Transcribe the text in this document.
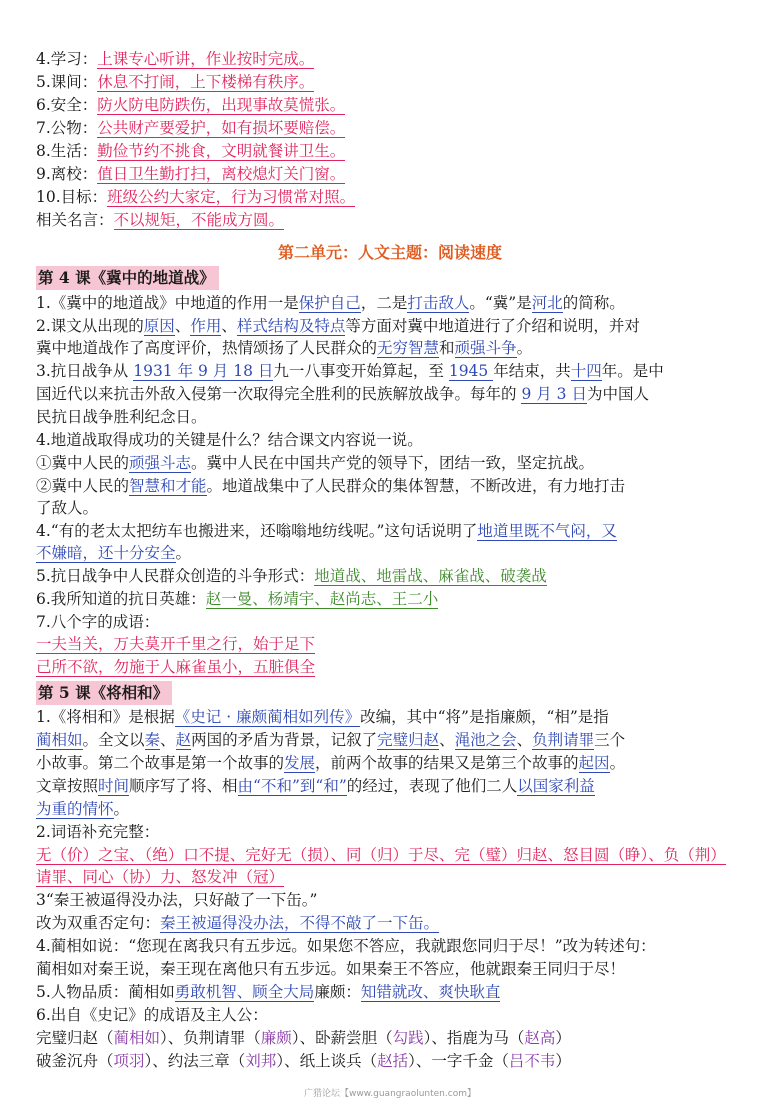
4.学习：上课专心听讲，作业按时完成。
5.课间：休息不打闹，上下楼梯有秩序。
6.安全：防火防电防跌伤，出现事故莫慌张。
7.公物：公共财产要爱护，如有损坏要赔偿。
8.生活：勤俭节约不挑食，文明就餐讲卫生。
9.离校：值日卫生勤打扫，离校熄灯关门窗。
10.目标：班级公约大家定，行为习惯常对照。
相关名言：不以规矩，不能成方圆。
第二单元：人文主题：阅读速度
第 4 课《冀中的地道战》
1.《冀中的地道战》中地道的作用一是保护自己，二是打击敌人。“冀”是河北的简称。
2.课文从出现的原因、作用、样式结构及特点等方面对冀中地道进行了介绍和说明，并对
冀中地道战作了高度评价，热情颂扬了人民群众的无穷智慧和顽强斗争。
3.抗日战争从 1931 年 9 月 18 日九一八事变开始算起，至 1945 年结束，共十四年。是中
国近代以来抗击外敌入侵第一次取得完全胜利的民族解放战争。每年的 9 月 3 日为中国人
民抗日战争胜利纪念日。
4.地道战取得成功的关键是什么？结合课文内容说一说。
①冀中人民的顽强斗志。冀中人民在中国共产党的领导下，团结一致，坚定抗战。
②冀中人民的智慧和才能。地道战集中了人民群众的集体智慧，不断改进，有力地打击
了敌人。
4.“有的老太太把纺车也搬进来，还嗡嗡地纺线呢。”这句话说明了地道里既不气闷，又
不嫌暗，还十分安全。
5.抗日战争中人民群众创造的斗争形式：地道战、地雷战、麻雀战、破袭战
6.我所知道的抗日英雄：赵一曼、杨靖宇、赵尚志、王二小
7.八个字的成语：
一夫当关，万夫莫开千里之行，始于足下
己所不欲，勿施于人麻雀虽小，五脏俱全
第 5 课《将相和》
1.《将相和》是根据《史记 · 廉颇蔺相如列传》改编，其中“将”是指廉颇，“相”是指
蔺相如。全文以秦、赵两国的矛盾为背景，记叙了完璧归赵、渑池之会、负荆请罪三个
小故事。第二个故事是第一个故事的发展，前两个故事的结果又是第三个故事的起因。
文章按照时间顺序写了将、相由“不和”到“和”的经过，表现了他们二人以国家利益
为重的情怀。
2.词语补充完整：
无（价）之宝、（绝）口不提、完好无（损）、同（归）于尽、完（璧）归赵、怒目圆（睁）、负（荆）
请罪、同心（协）力、怒发冲（冠）
3“秦王被逼得没办法，只好敲了一下缶。”
改为双重否定句：秦王被逼得没办法，不得不敲了一下缶。
4.蔺相如说：“您现在离我只有五步远。如果您不答应，我就跟您同归于尽！”改为转述句：
蔺相如对秦王说，秦王现在离他只有五步远。如果秦王不答应，他就跟秦王同归于尽！
5.人物品质：蔺相如勇敢机智、顾全大局廉颇：知错就改、爽快耿直
6.出自《史记》的成语及主人公：
完璧归赵（蔺相如）、负荆请罪（廉颇）、卧薪尝胆（勾践）、指鹿为马（赵高）
破釜沉舟（项羽）、约法三章（刘邦）、纸上谈兵（赵括）、一字千金（吕不韦）
广猎论坛【www.guangraolunten.com】
